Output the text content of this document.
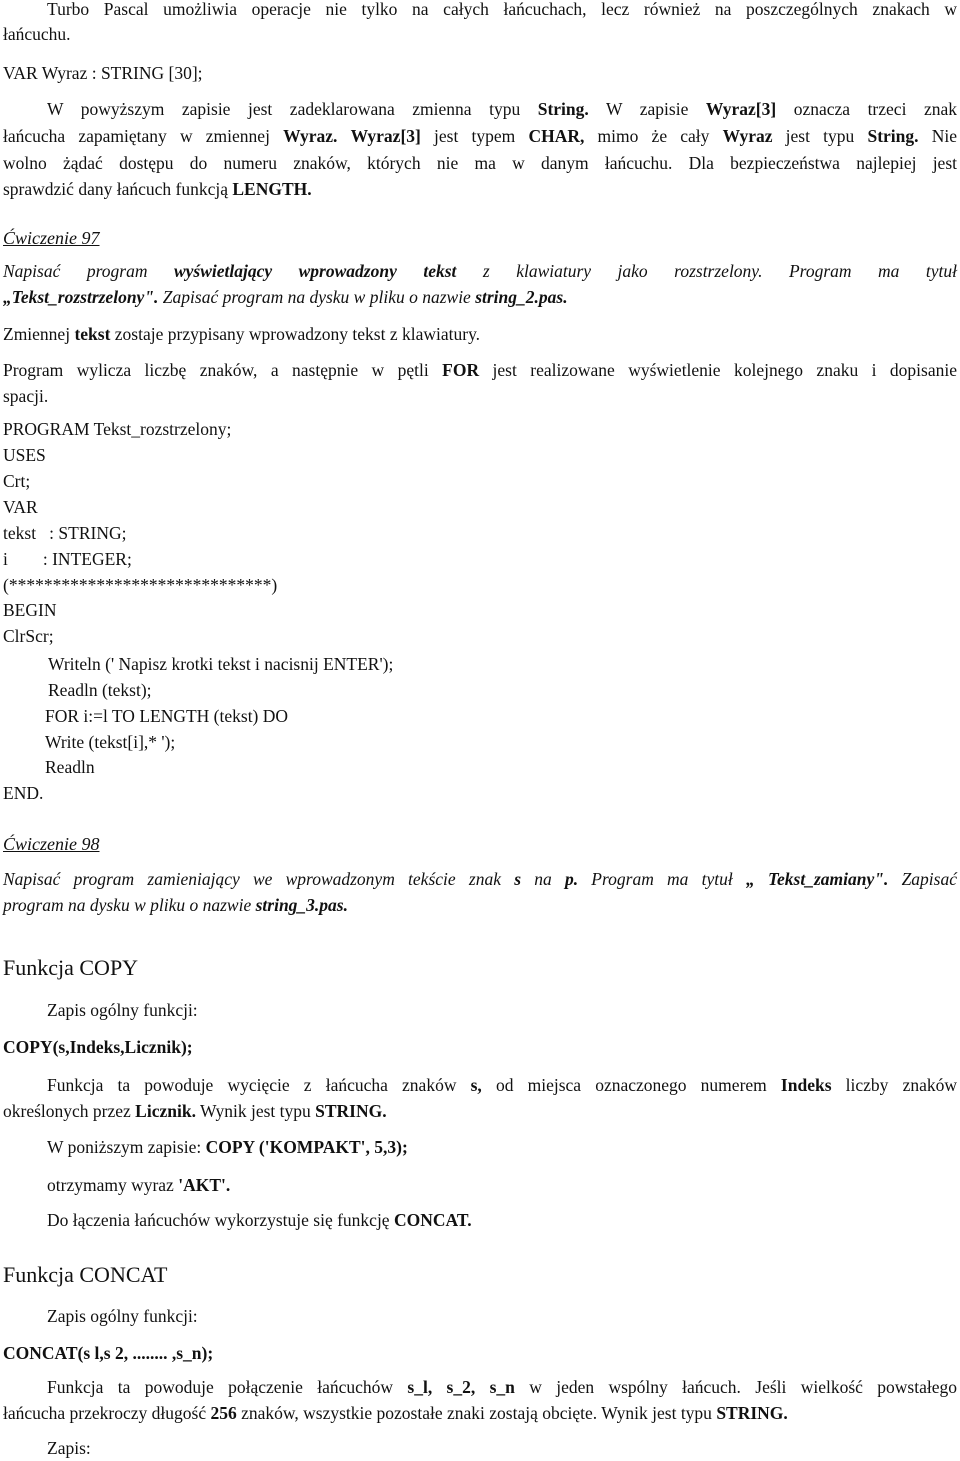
Turbo Pascal umożliwia operacje nie tylko na całych łańcuchach, lecz również na poszczególnych znakach w
łańcuchu.
VAR Wyraz : STRING [30];
W powyższym zapisie jest zadeklarowana zmienna typu String. W zapisie Wyraz[3] oznacza trzeci znak
łańcucha zapamiętany w zmiennej Wyraz. Wyraz[3] jest typem CHAR, mimo że cały Wyraz jest typu String. Nie
wolno żądać dostępu do numeru znaków, których nie ma w danym łańcuchu. Dla bezpieczeństwa najlepiej jest
sprawdzić dany łańcuch funkcją LENGTH.
Ćwiczenie 97
Napisać program wyświetlający wprowadzony tekst z klawiatury jako rozstrzelony. Program ma tytuł
„Tekst_rozstrzelony". Zapisać program na dysku w pliku o nazwie string_2.pas.
Zmiennej tekst zostaje przypisany wprowadzony tekst z klawiatury.
Program wylicza liczbę znaków, a następnie w pętli FOR jest realizowane wyświetlenie kolejnego znaku i dopisanie
spacji.
PROGRAM Tekst_rozstrzelony;
USES
Crt;
VAR
tekst   : STRING;
i        : INTEGER;
(******************************)
BEGIN
ClrScr;
Writeln (' Napisz krotki tekst i nacisnij ENTER');
Readln (tekst);
FOR i:=l TO LENGTH (tekst) DO
Write (tekst[i],* ');
Readln
END.
Ćwiczenie 98
Napisać program zamieniający we wprowadzonym tekście znak s na p. Program ma tytuł „ Tekst_zamiany". Zapisać
program na dysku w pliku o nazwie string_3.pas.
Funkcja COPY
Zapis ogólny funkcji:
COPY(s,Indeks,Licznik);
Funkcja ta powoduje wycięcie z łańcucha znaków s, od miejsca oznaczonego numerem Indeks liczby znaków
określonych przez Licznik. Wynik jest typu STRING.
W poniższym zapisie: COPY ('KOMPAKT', 5,3);
otrzymamy wyraz 'AKT'.
Do łączenia łańcuchów wykorzystuje się funkcję CONCAT.
Funkcja CONCAT
Zapis ogólny funkcji:
CONCAT(s l,s 2, ........ ,s_n);
Funkcja ta powoduje połączenie łańcuchów s_l, s_2, s_n w jeden wspólny łańcuch. Jeśli wielkość powstałego
łańcucha przekroczy długość 256 znaków, wszystkie pozostałe znaki zostają obcięte. Wynik jest typu STRING.
Zapis:
